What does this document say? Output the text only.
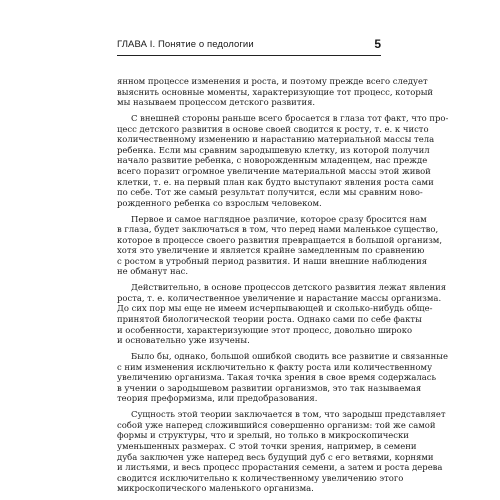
ГЛАВА I. Понятие о педологии	5
янном процессе изменения и роста, и поэтому прежде всего следует
выяснить основные моменты, характеризующие тот процесс, который
мы называем процессом детского развития.
С внешней стороны раньше всего бросается в глаза тот факт, что про-
цесс детского развития в основе своей сводится к росту, т. е. к чисто
количественному изменению и нарастанию материальной массы тела
ребенка. Если мы сравним зародышевую клетку, из которой получил
начало развитие ребенка, с новорожденным младенцем, нас прежде
всего поразит огромное увеличение материальной массы этой живой
клетки, т. е. на первый план как будто выступают явления роста сами
по себе. Тот же самый результат получится, если мы сравним ново-
рожденного ребенка со взрослым человеком.
Первое и самое наглядное различие, которое сразу бросится нам
в глаза, будет заключаться в том, что перед нами маленькое существо,
которое в процессе своего развития превращается в большой организм,
хотя это увеличение и является крайне замедленным по сравнению
с ростом в утробный период развития. И наши внешние наблюдения
не обманут нас.
Действительно, в основе процессов детского развития лежат явления
роста, т. е. количественное увеличение и нарастание массы организма.
До сих пор мы еще не имеем исчерпывающей и сколько-нибудь обще-
принятой биологической теории роста. Однако сами по себе факты
и особенности, характеризующие этот процесс, довольно широко
и основательно уже изучены.
Было бы, однако, большой ошибкой сводить все развитие и связанные
с ним изменения исключительно к факту роста или количественному
увеличению организма. Такая точка зрения в свое время содержалась
в учении о зародышевом развитии организмов, это так называемая
теория преформизма, или предобразования.
Сущность этой теории заключается в том, что зародыш представляет
собой уже наперед сложившийся совершенно организм: той же самой
формы и структуры, что и зрелый, но только в микроскопически
уменьшенных размерах. С этой точки зрения, например, в семени
дуба заключен уже наперед весь будущий дуб с его ветвями, корнями
и листьями, и весь процесс прорастания семени, а затем и роста дерева
сводится исключительно к количественному увеличению этого
микроскопического маленького организма.
